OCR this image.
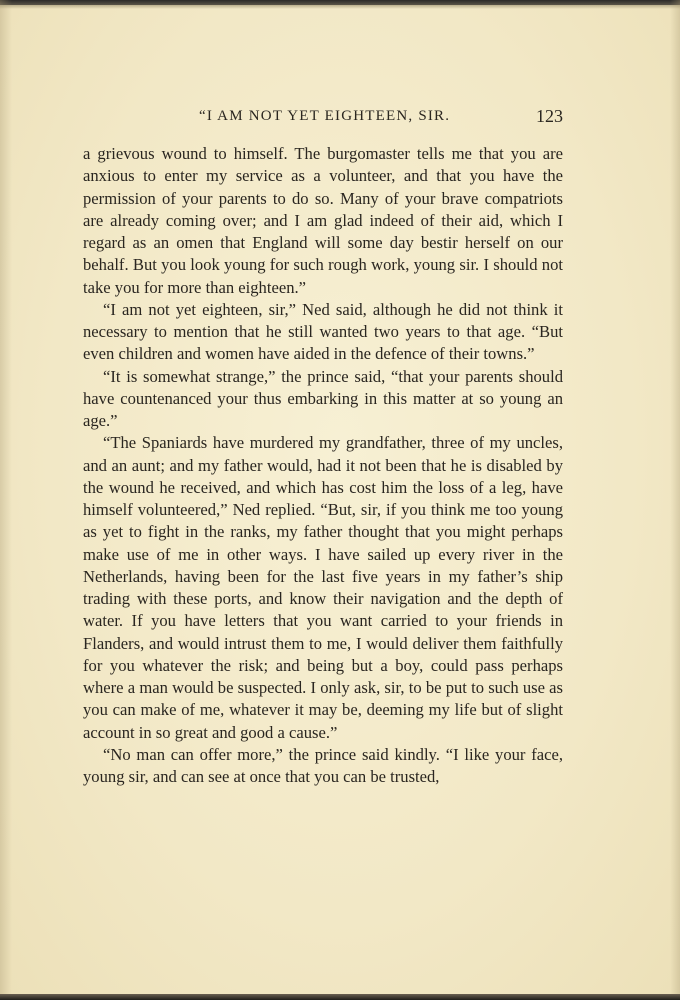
“I AM NOT YET EIGHTEEN, SIR.	123

a grievous wound to himself. The burgomaster tells me that you are anxious to enter my service as a volunteer, and that you have the permission of your parents to do so. Many of your brave compatriots are already coming over; and I am glad indeed of their aid, which I regard as an omen that England will some day bestir herself on our behalf. But you look young for such rough work, young sir. I should not take you for more than eighteen.”

“I am not yet eighteen, sir,” Ned said, although he did not think it necessary to mention that he still wanted two years to that age. “But even children and women have aided in the defence of their towns.”

“It is somewhat strange,” the prince said, “that your parents should have countenanced your thus embarking in this matter at so young an age.”

“The Spaniards have murdered my grandfather, three of my uncles, and an aunt; and my father would, had it not been that he is disabled by the wound he received, and which has cost him the loss of a leg, have himself volunteered,” Ned replied. “But, sir, if you think me too young as yet to fight in the ranks, my father thought that you might perhaps make use of me in other ways. I have sailed up every river in the Netherlands, having been for the last five years in my father’s ship trading with these ports, and know their navigation and the depth of water. If you have letters that you want carried to your friends in Flanders, and would intrust them to me, I would deliver them faithfully for you whatever the risk; and being but a boy, could pass perhaps where a man would be suspected. I only ask, sir, to be put to such use as you can make of me, whatever it may be, deeming my life but of slight account in so great and good a cause.”

“No man can offer more,” the prince said kindly. “I like your face, young sir, and can see at once that you can be trusted,
